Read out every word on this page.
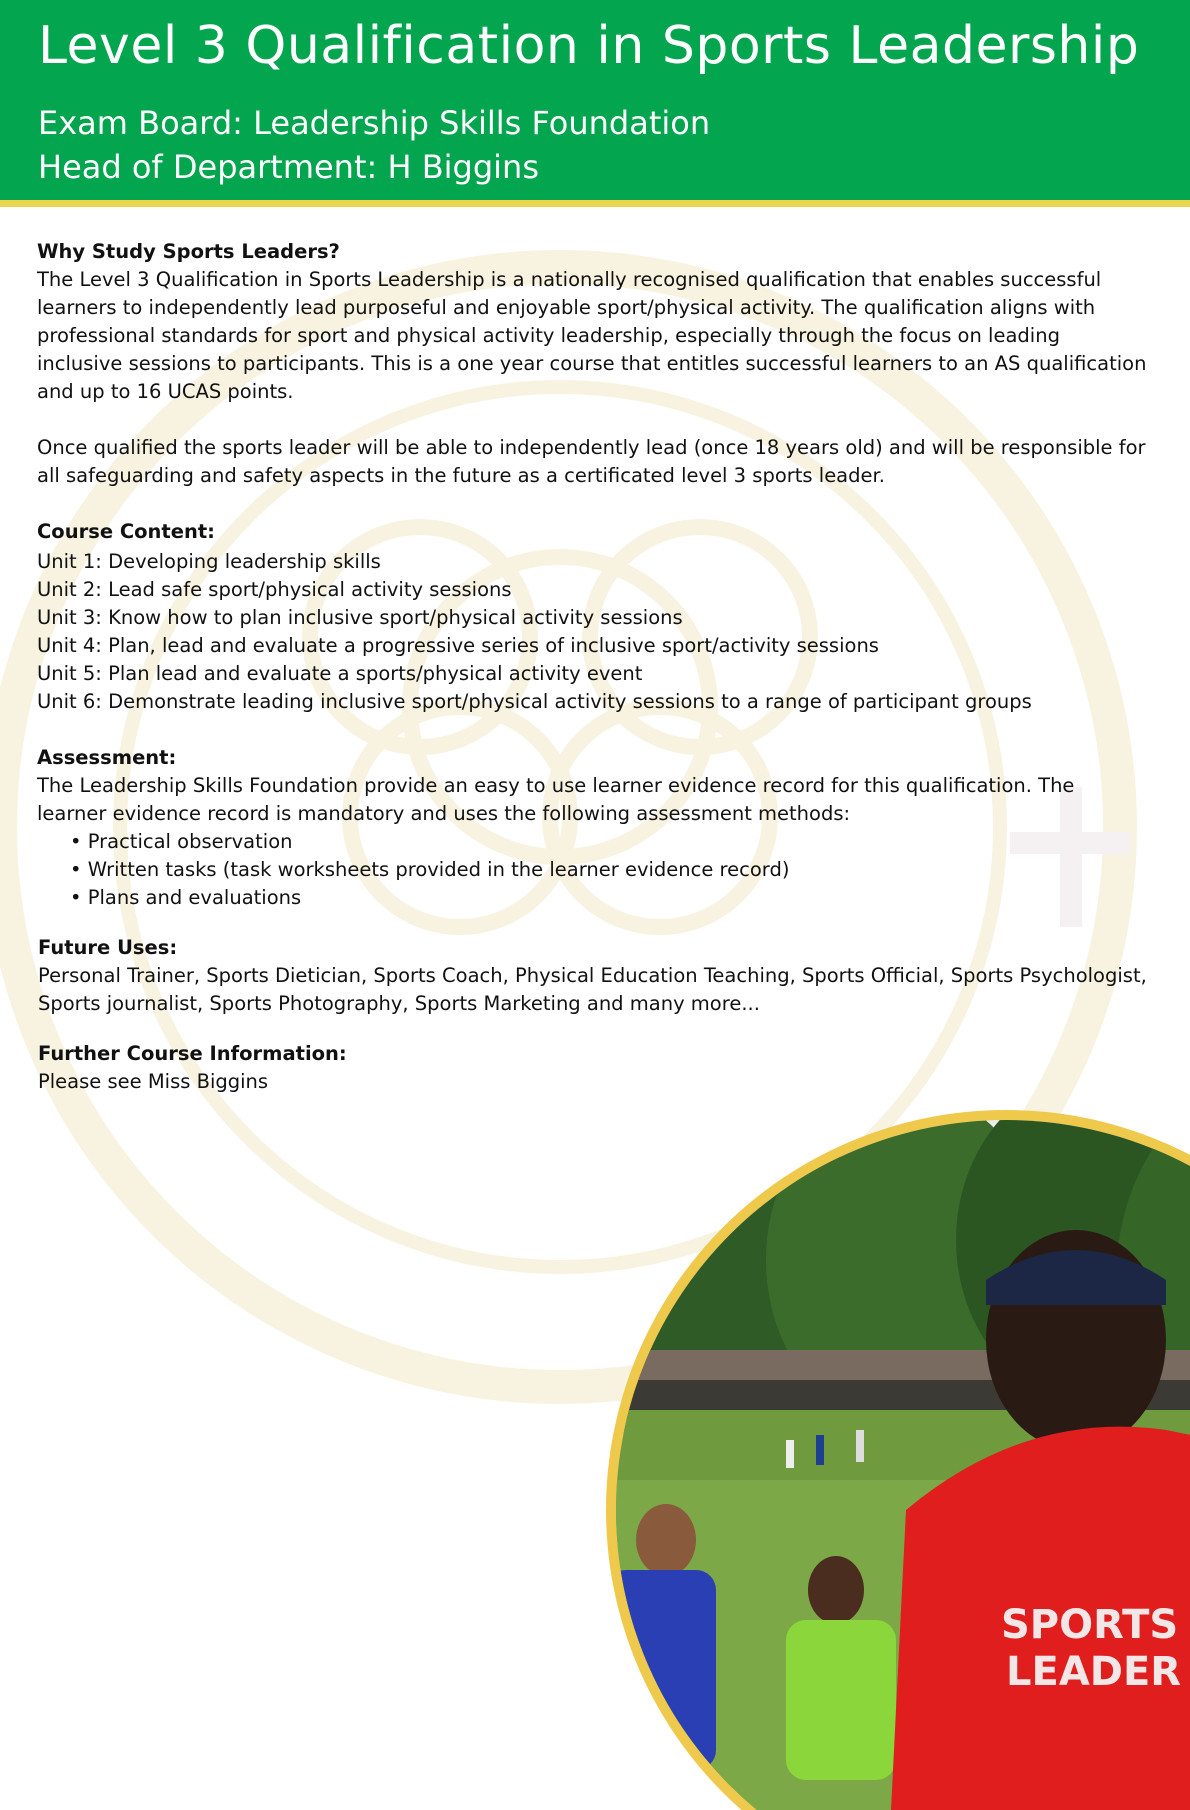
Level 3 Qualification in Sports Leadership
Exam Board: Leadership Skills Foundation
Head of Department: H Biggins

Why Study Sports Leaders?

The Level 3 Qualification in Sports Leadership is a nationally recognised qualification that enables successful learners to independently lead purposeful and enjoyable sport/physical activity. The qualification aligns with professional standards for sport and physical activity leadership, especially through the focus on leading inclusive sessions to participants. This is a one year course that entitles successful learners to an AS qualification and up to 16 UCAS points.

Once qualified the sports leader will be able to independently lead (once 18 years old) and will be responsible for all safeguarding and safety aspects in the future as a certificated level 3 sports leader.

Course Content:

Unit 1: Developing leadership skills

Unit 2: Lead safe sport/physical activity sessions

Unit 3: Know how to plan inclusive sport/physical activity sessions

Unit 4: Plan, lead and evaluate a progressive series of inclusive sport/activity sessions

Unit 5: Plan lead and evaluate a sports/physical activity event

Unit 6: Demonstrate leading inclusive sport/physical activity sessions to a range of participant groups

Assessment:

The Leadership Skills Foundation provide an easy to use learner evidence record for this qualification. The learner evidence record is mandatory and uses the following assessment methods:

• Practical observation
• Written tasks (task worksheets provided in the learner evidence record)
• Plans and evaluations

Future Uses:

Personal Trainer, Sports Dietician, Sports Coach, Physical Education Teaching, Sports Official, Sports Psychologist, Sports journalist, Sports Photography, Sports Marketing and many more...

Further Course Information:

Please see Miss Biggins

SPORTS
LEADER
